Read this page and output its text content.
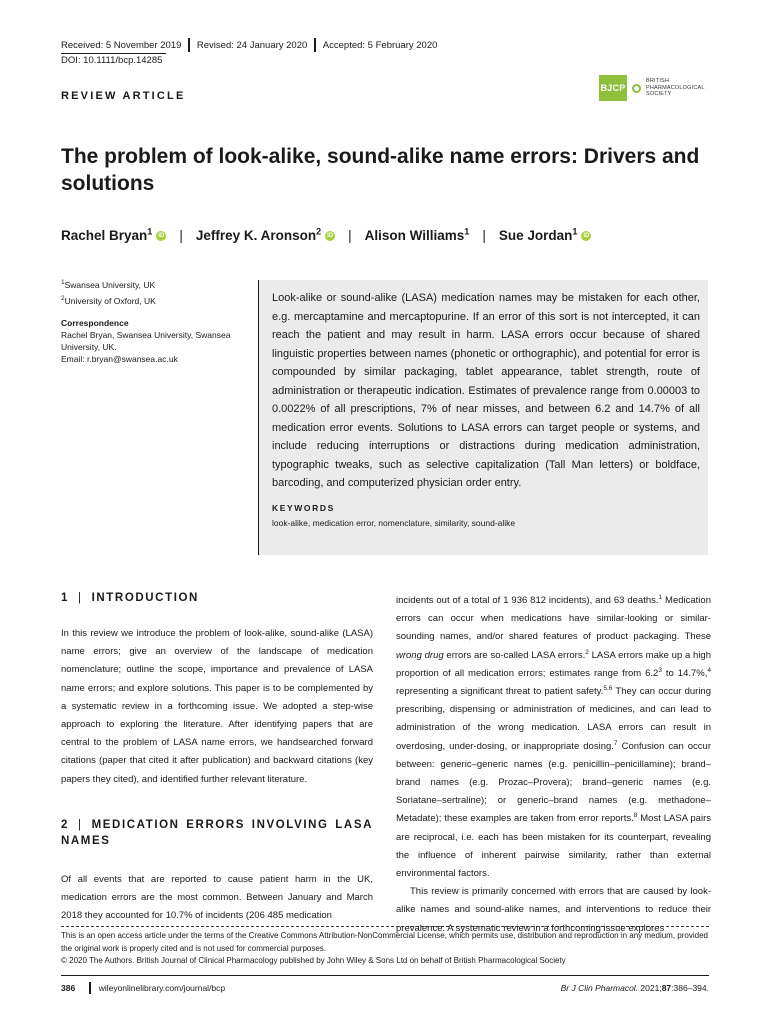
Received: 5 November 2019 Revised: 24 January 2020 Accepted: 5 February 2020
DOI: 10.1111/bcp.14285
BJCP
BRITISH
PHARMACOLOGICAL
SOCIETY
REVIEW ARTICLE
The problem of look-alike, sound-alike name errors: Drivers and solutions
Rachel Bryan$^1$	iD | Jeffrey K. Aronson$^2$	iD | Alison Williams$^1$ | Sue Jordan$^1$	iD

$^1$Swansea University, UK

$^2$University of Oxford, UK

Correspondence

Rachel Bryan, Swansea University, Swansea University, UK.

Email: r.bryan@swansea.ac.uk

Look-alike or sound-alike (LASA) medication names may be mistaken for each other, e.g. mercaptamine and mercaptopurine. If an error of this sort is not intercepted, it can reach the patient and may result in harm. LASA errors occur because of shared linguistic properties between names (phonetic or orthographic), and potential for error is compounded by similar packaging, tablet appearance, tablet strength, route of administration or therapeutic indication. Estimates of prevalence range from 0.00003 to 0.0022% of all prescriptions, 7% of near misses, and between 6.2 and 14.7% of all medication error events. Solutions to LASA errors can target people or systems, and include reducing interruptions or distractions during medication administration, typographic tweaks, such as selective capitalization (Tall Man letters) or boldface, barcoding, and computerized physician order entry.

KEYWORDS
look-alike, medication error, nomenclature, similarity, sound-alike
1 | INTRODUCTION

In this review we introduce the problem of look-alike, sound-alike (LASA) name errors; give an overview of the landscape of medication nomenclature; outline the scope, importance and prevalence of LASA name errors; and explore solutions. This paper is to be complemented by a systematic review in a forthcoming issue. We adopted a step-wise approach to exploring the literature. After identifying papers that are central to the problem of LASA name errors, we handsearched forward citations (paper that cited it after publication) and backward citations (key papers they cited), and identified further relevant literature.

2 | MEDICATION ERRORS INVOLVING LASA NAMES

Of all events that are reported to cause patient harm in the UK, medication errors are the most common. Between January and March 2018 they accounted for 10.7% of incidents (206 485 medication

incidents out of a total of 1 936 812 incidents), and 63 deaths.$^1$ Medication errors can occur when medications have similar-looking or similar-sounding names, and/or shared features of product packaging. These wrong drug errors are so-called LASA errors.$^2$ LASA errors make up a high proportion of all medication errors; estimates range from $6.2^3$ to 14.7%,$^4$ representing a significant threat to patient safety.$^{5,6}$ They can occur during prescribing, dispensing or administration of medicines, and can lead to administration of the wrong medication. LASA errors can result in overdosing, under-dosing, or inappropriate dosing.$^7$ Confusion can occur between: generic–generic names (e.g. penicillin–penicillamine); brand–brand names (e.g. Prozac–Provera); brand–generic names (e.g. Soriatane–sertraline); or generic–brand names (e.g. methadone–Metadate); these examples are taken from error reports.$^8$ Most LASA pairs are reciprocal, i.e. each has been mistaken for its counterpart, revealing the influence of inherent pairwise similarity, rather than external environmental factors.

This review is primarily concerned with errors that are caused by look-alike names and sound-alike names, and interventions to reduce their prevalence. A systematic review in a forthcoming issue explores

This is an open access article under the terms of the Creative Commons Attribution-NonCommercial License, which permits use, distribution and reproduction in any medium, provided the original work is properly cited and is not used for commercial purposes.
© 2020 The Authors. British Journal of Clinical Pharmacology published by John Wiley & Sons Ltd on behalf of British Pharmacological Society
386	wileyonlinelibrary.com/journal/bcp	Br J Clin Pharmacol. 2021;87:386–394.
